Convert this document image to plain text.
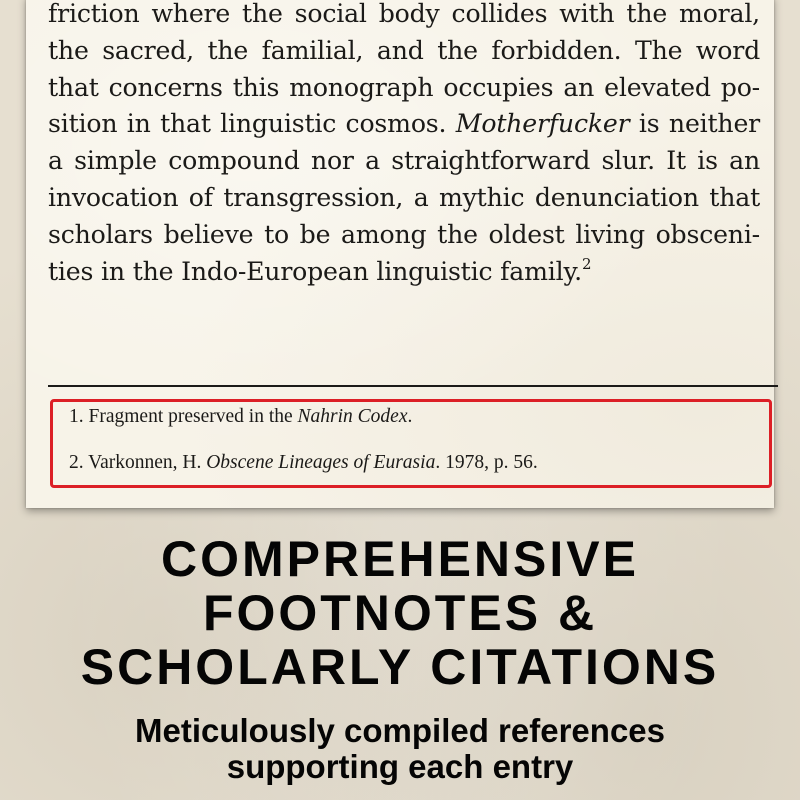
friction where the social body collides with the moral,
the sacred, the familial, and the forbidden. The word
that concerns this monograph occupies an elevated po-
sition in that linguistic cosmos. Motherfucker is neither
a simple compound nor a straightforward slur. It is an
invocation of transgression, a mythic denunciation that
scholars believe to be among the oldest living obsceni-
ties in the Indo-European linguistic family.$^2$

1. Fragment preserved in the Nahrin Codex.
2. Varkonnen, H. Obscene Lineages of Eurasia. 1978, p. 56.
COMPREHENSIVE
FOOTNOTES &
SCHOLARLY CITATIONS

Meticulously compiled references
supporting each entry
